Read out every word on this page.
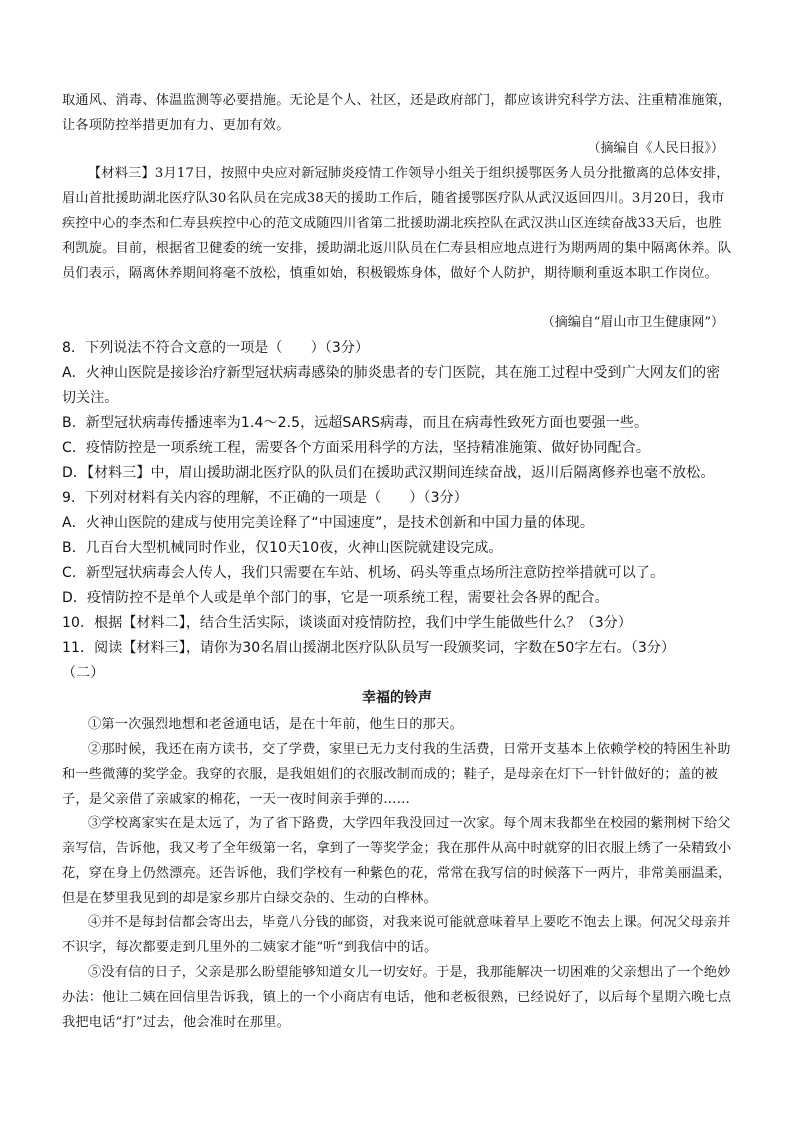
取通风、消毒、体温监测等必要措施。无论是个人、社区，还是政府部门，都应该讲究科学方法、注重精准施策，让各项防控举措更加有力、更加有效。

（摘编自《人民日报》）

【材料三】3月17日，按照中央应对新冠肺炎疫情工作领导小组关于组织援鄂医务人员分批撤离的总体安排，眉山首批援助湖北医疗队30名队员在完成38天的援助工作后，随省援鄂医疗队从武汉返回四川。3月20日，我市疾控中心的李杰和仁寿县疾控中心的范文成随四川省第二批援助湖北疾控队在武汉洪山区连续奋战33天后，也胜利凯旋。目前，根据省卫健委的统一安排，援助湖北返川队员在仁寿县相应地点进行为期两周的集中隔离休养。队员们表示，隔离休养期间将毫不放松，慎重如始，积极锻炼身体，做好个人防护，期待顺利重返本职工作岗位。

（摘编自“眉山市卫生健康网”）
8．下列说法不符合文意的一项是（　　）（3分）
A．火神山医院是接诊治疗新型冠状病毒感染的肺炎患者的专门医院，其在施工过程中受到广大网友们的密切关注。
B．新型冠状病毒传播速率为1.4～2.5，远超SARS病毒，而且在病毒性致死方面也要强一些。
C．疫情防控是一项系统工程，需要各个方面采用科学的方法，坚持精准施策、做好协同配合。
D．【材料三】中，眉山援助湖北医疗队的队员们在援助武汉期间连续奋战，返川后隔离修养也毫不放松。
9．下列对材料有关内容的理解，不正确的一项是（　　）（3分）
A．火神山医院的建成与使用完美诠释了“中国速度”，是技术创新和中国力量的体现。
B．几百台大型机械同时作业，仅10天10夜，火神山医院就建设完成。
C．新型冠状病毒会人传人，我们只需要在车站、机场、码头等重点场所注意防控举措就可以了。
D．疫情防控不是单个人或是单个部门的事，它是一项系统工程，需要社会各界的配合。
10．根据【材料二】，结合生活实际，谈谈面对疫情防控，我们中学生能做些什么？（3分）
11．阅读【材料三】，请你为30名眉山援湖北医疗队队员写一段颁奖词，字数在50字左右。（3分）
（二）
幸福的铃声

①第一次强烈地想和老爸通电话，是在十年前，他生日的那天。

②那时候，我还在南方读书，交了学费，家里已无力支付我的生活费，日常开支基本上依赖学校的特困生补助和一些微薄的奖学金。我穿的衣服，是我姐姐们的衣服改制而成的；鞋子，是母亲在灯下一针针做好的；盖的被子，是父亲借了亲戚家的棉花，一天一夜时间亲手弹的……

③学校离家实在是太远了，为了省下路费，大学四年我没回过一次家。每个周末我都坐在校园的紫荆树下给父亲写信，告诉他，我又考了全年级第一名，拿到了一等奖学金；我在那件从高中时就穿的旧衣服上绣了一朵精致小花，穿在身上仍然漂亮。还告诉他，我们学校有一种紫色的花，常常在我写信的时候落下一两片，非常美丽温柔，但是在梦里我见到的却是家乡那片白绿交杂的、生动的白桦林。

④并不是每封信都会寄出去，毕竟八分钱的邮资，对我来说可能就意味着早上要吃不饱去上课。何况父母亲并不识字，每次都要走到几里外的二姨家才能“听”到我信中的话。

⑤没有信的日子，父亲是那么盼望能够知道女儿一切安好。于是，我那能解决一切困难的父亲想出了一个绝妙办法：他让二姨在回信里告诉我，镇上的一个小商店有电话，他和老板很熟，已经说好了，以后每个星期六晚七点我把电话“打”过去，他会准时在那里。
